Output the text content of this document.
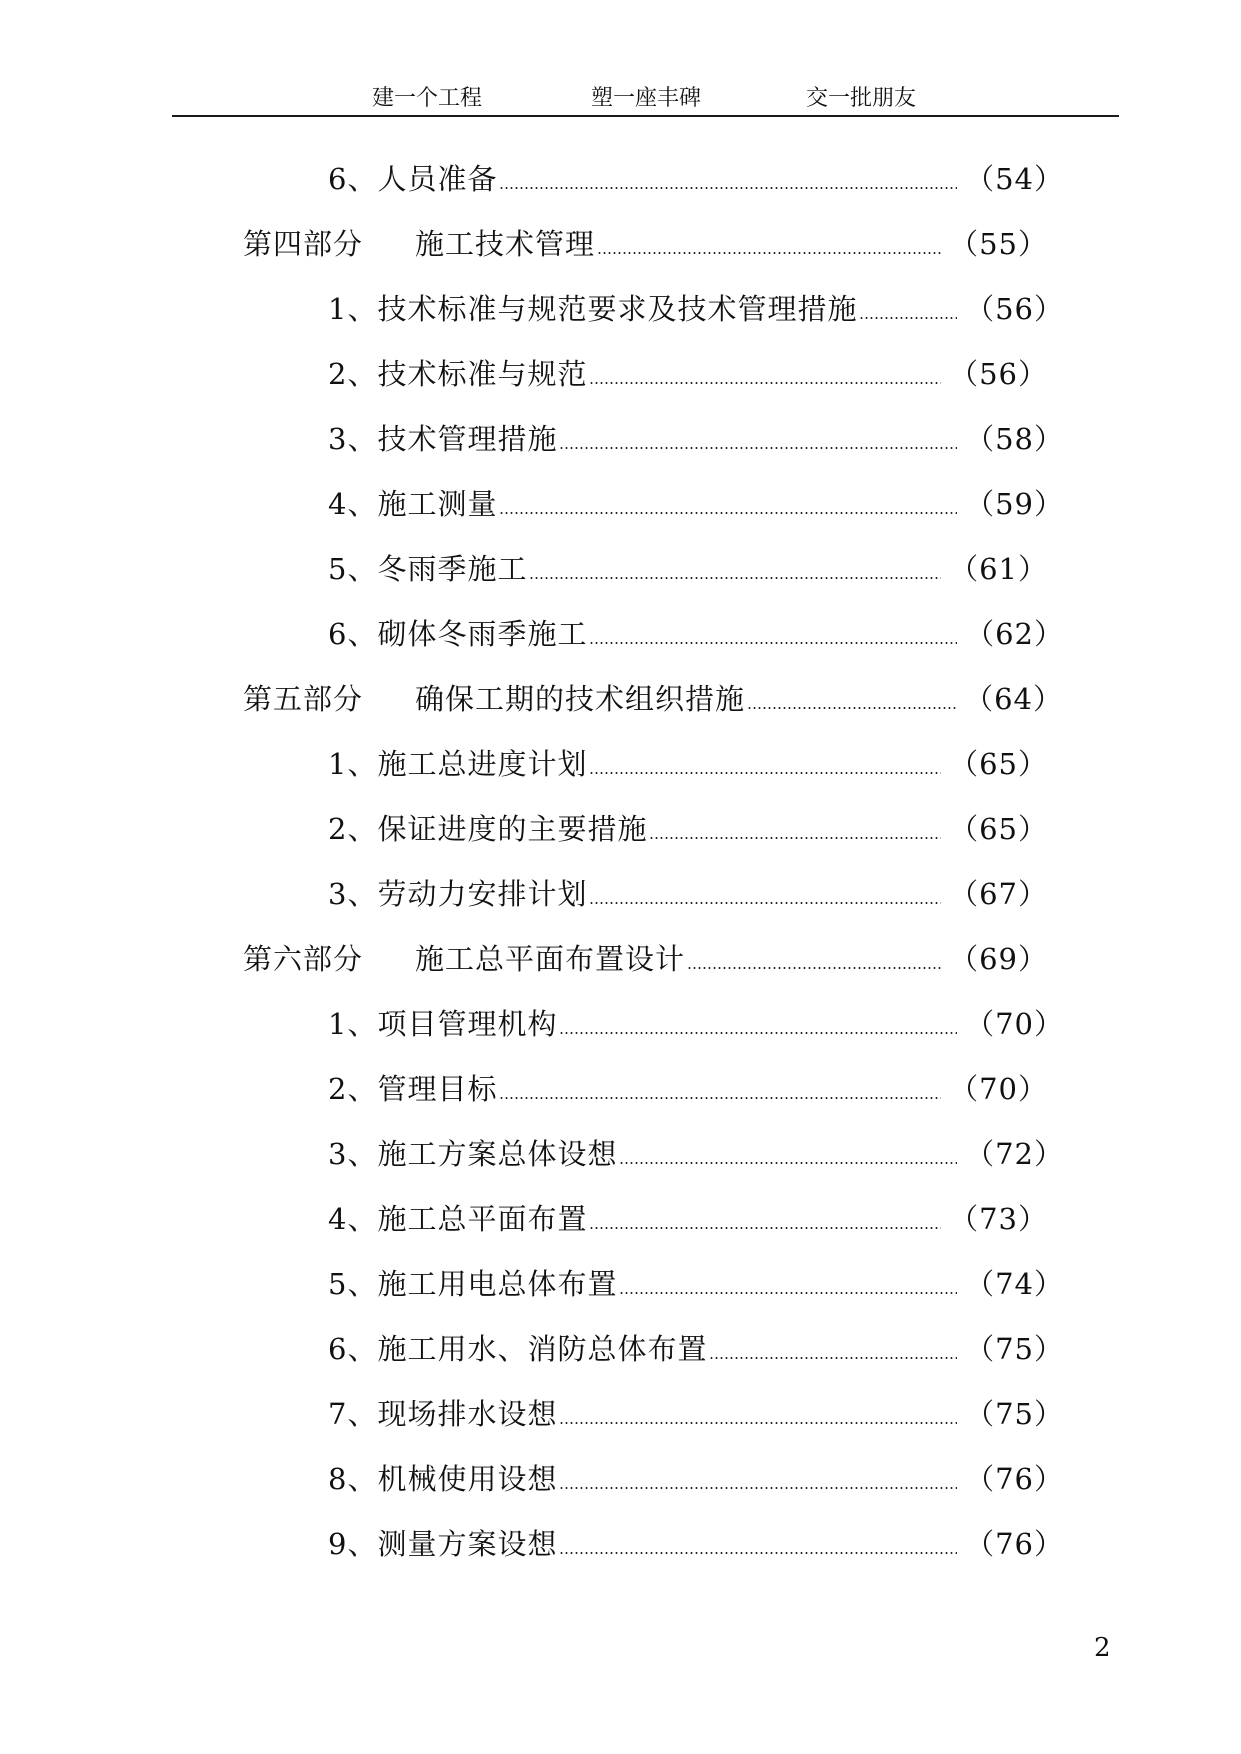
建一个工程	塑一座丰碑	交一批朋友
6、 人员准备	（54）
第四部分 施工技术管理	（55）
1、 技术标准与规范要求及技术管理措施	（56）
2、 技术标准与规范	（56）
3、 技术管理措施	（58）
4、 施工测量	（59）
5、 冬雨季施工	（61）
6、 砌体冬雨季施工	（62）
第五部分 确保工期的技术组织措施	（64）
1、 施工总进度计划	（65）
2、 保证进度的主要措施	（65）
3、 劳动力安排计划	（67）
第六部分 施工总平面布置设计	（69）
1、 项目管理机构	（70）
2、 管理目标	（70）
3、 施工方案总体设想	（72）
4、 施工总平面布置	（73）
5、 施工用电总体布置	（74）
6、 施工用水、消防总体布置	（75）
7、 现场排水设想	（75）
8、 机械使用设想	（76）
9、 测量方案设想	（76）
2
